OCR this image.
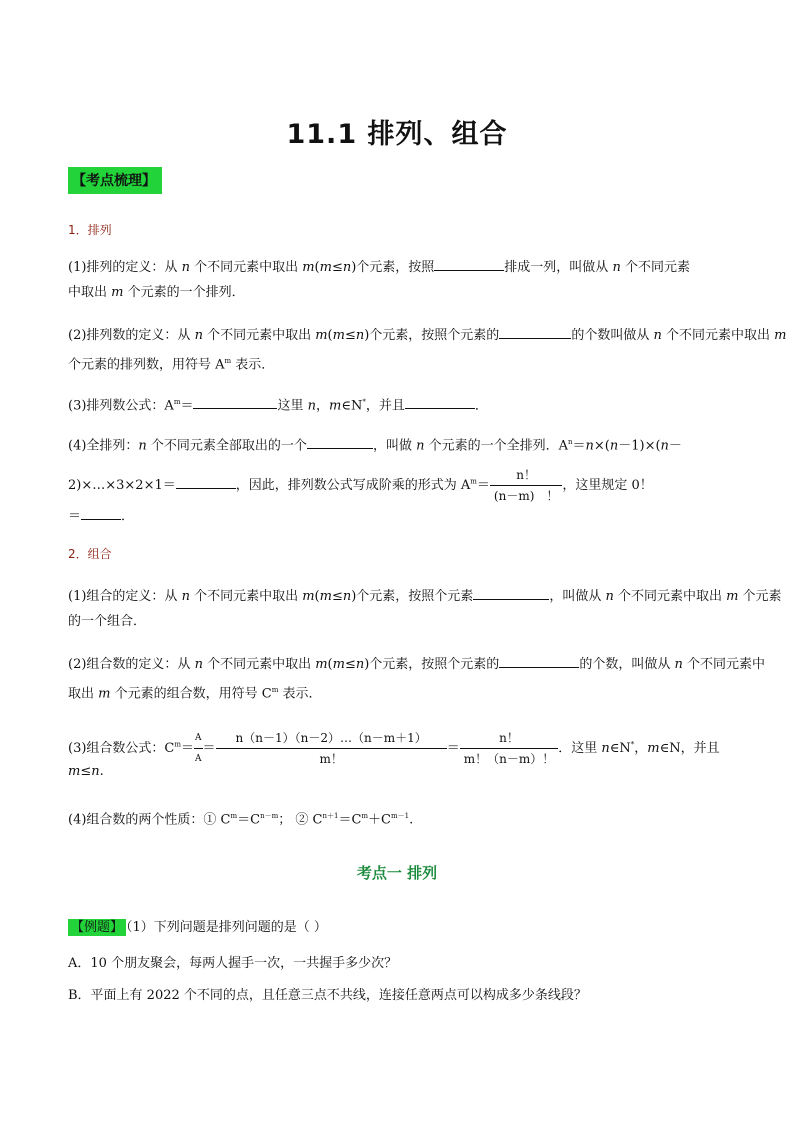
11.1 排列、组合
【考点梳理】
1．排列
(1)排列的定义：从 n 个不同元素中取出 m(m≤n)个元素，按照	排成一列，叫做从 n 个不同元素
中取出 m 个元素的一个排列．
(2)排列数的定义：从 n 个不同元素中取出 m(m≤n)个元素，按照个元素的	的个数叫做从 n 个不同元素中取出 m
个元素的排列数，用符号 $A^m$ 表示．
(3)排列数公式：$A^m=$	这里 n，m∈N*，并且	．
(4)全排列：n 个不同元素全部取出的一个	，叫做 n 个元素的一个全排列．$A^n=n\times(n-1)\times(n-$
2)×…×3×2×1＝	，因此，排列数公式写成阶乘的形式为 $A^m= \frac{n!}{(n-m) !}$ ，这里规定 0！
＝	．
2．组合
(1)组合的定义：从 n 个不同元素中取出 m(m≤n)个元素，按照个元素	，叫做从 n 个不同元素中取出 m 个元素
的一个组合．
(2)组合数的定义：从 n 个不同元素中取出 m(m≤n)个元素，按照个元素的	的个数，叫做从 n 个不同元素中
取出 m 个元素的组合数，用符号 $C^m$ 表示．
(3)组合数公式：$C^m= \frac{A}{A} = \frac{n(n-1)(n-2)\dots(n-m+1)}{m!} = \frac{n!}{m!(n-m)!}$ ．这里 n∈N*，m∈N，并且
m≤n.
(4)组合数的两个性质：① $C^m=C^{n-m}$； ② $C^{n+1}=C^m+C^{m-1}$.
考点一 排列
【例题】 （1）下列问题是排列问题的是（ ）
A．10 个朋友聚会，每两人握手一次，一共握手多少次？
B．平面上有 2022 个不同的点，且任意三点不共线，连接任意两点可以构成多少条线段？
